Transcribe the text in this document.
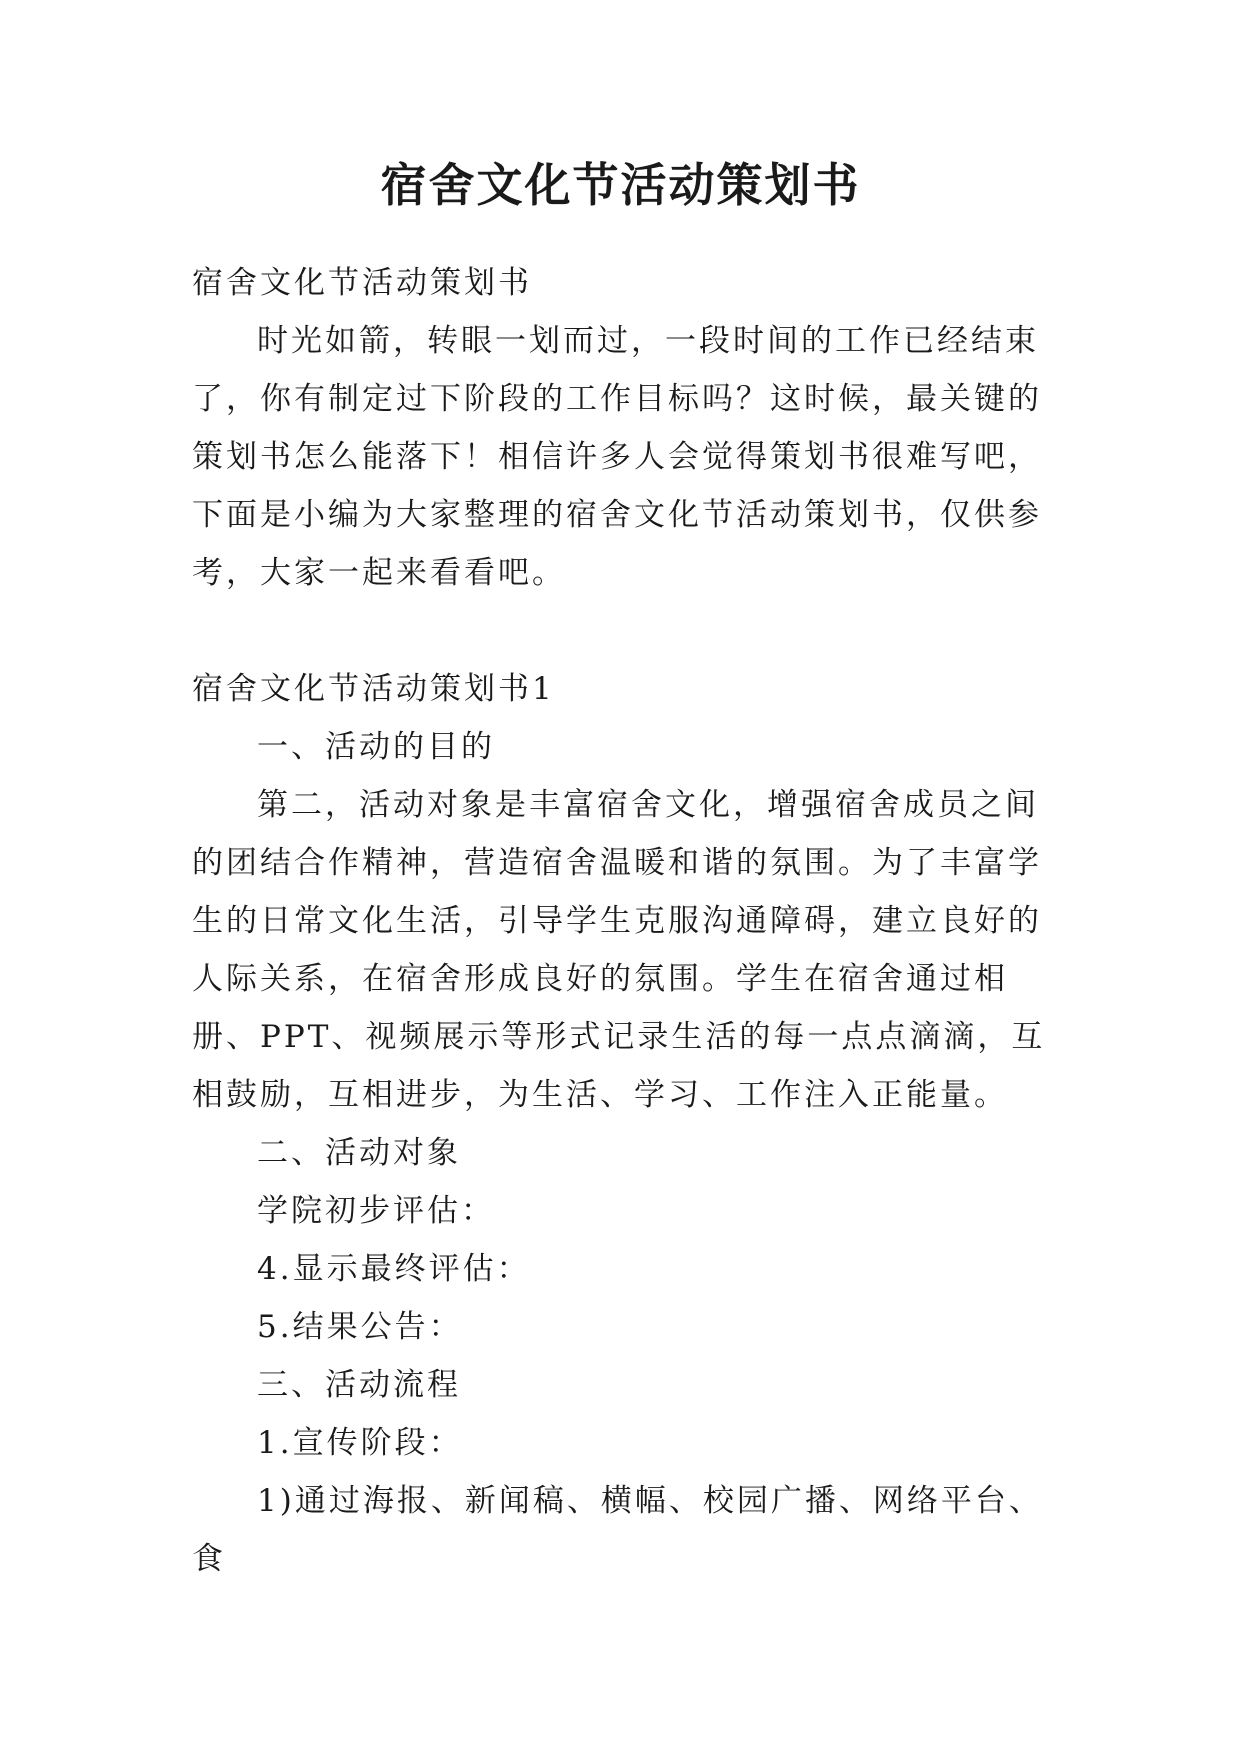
宿舍文化节活动策划书

宿舍文化节活动策划书

时光如箭，转眼一划而过，一段时间的工作已经结束了，你有制定过下阶段的工作目标吗？这时候，最关键的策划书怎么能落下！相信许多人会觉得策划书很难写吧，下面是小编为大家整理的宿舍文化节活动策划书，仅供参考，大家一起来看看吧。

宿舍文化节活动策划书1

一、活动的目的

第二，活动对象是丰富宿舍文化，增强宿舍成员之间的团结合作精神，营造宿舍温暖和谐的氛围。为了丰富学生的日常文化生活，引导学生克服沟通障碍，建立良好的人际关系，在宿舍形成良好的氛围。学生在宿舍通过相册、PPT、视频展示等形式记录生活的每一点点滴滴，互相鼓励，互相进步，为生活、学习、工作注入正能量。

二、活动对象

学院初步评估：

4.显示最终评估：

5.结果公告：

三、活动流程

1.宣传阶段：

1)通过海报、新闻稿、横幅、校园广播、网络平台、食
